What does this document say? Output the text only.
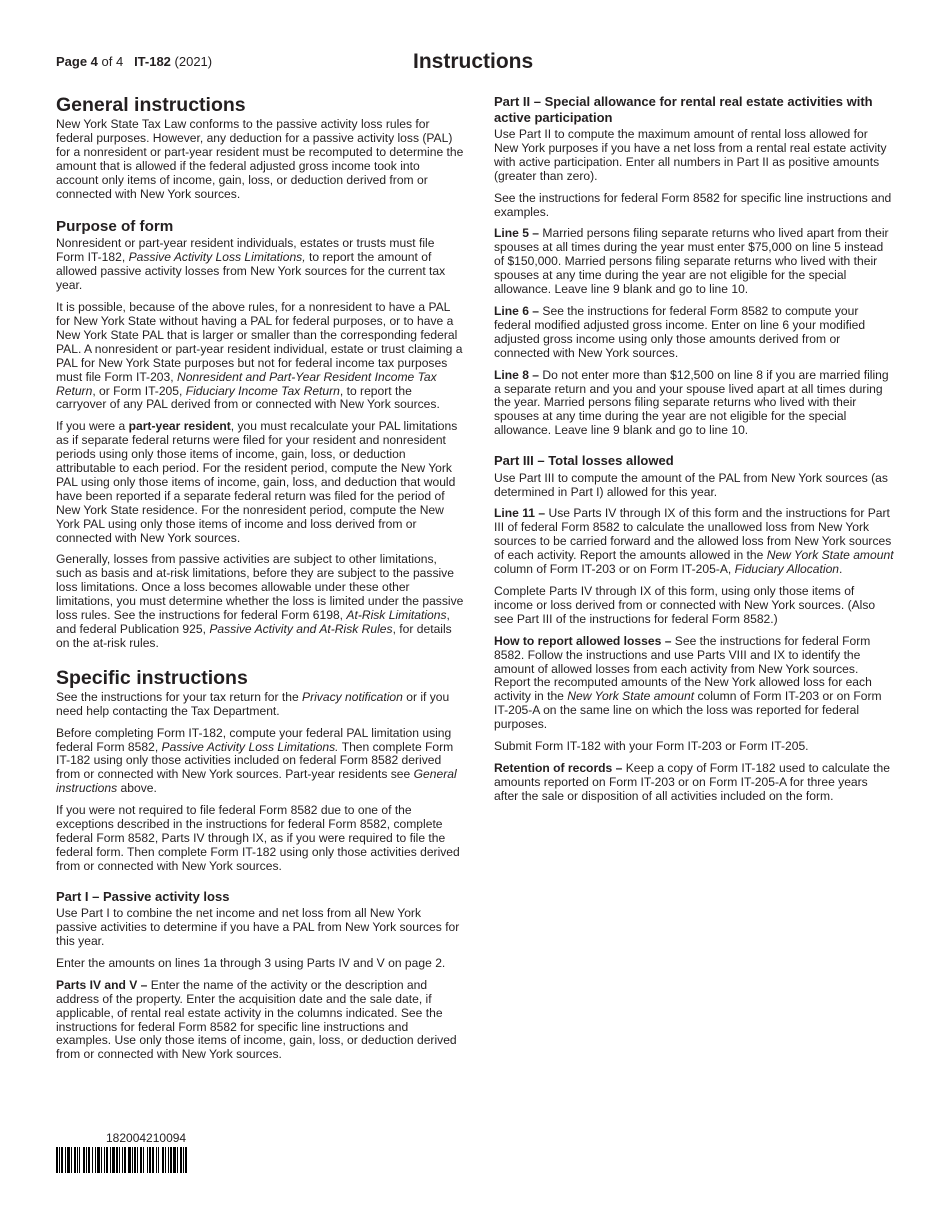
Page 4 of 4 IT-182 (2021)	Instructions
General instructions

New York State Tax Law conforms to the passive activity loss rules for federal purposes. However, any deduction for a passive activity loss (PAL) for a nonresident or part-year resident must be recomputed to determine the amount that is allowed if the federal adjusted gross income took into account only items of income, gain, loss, or deduction derived from or connected with New York sources.

Purpose of form

Nonresident or part-year resident individuals, estates or trusts must file Form IT-182, Passive Activity Loss Limitations, to report the amount of allowed passive activity losses from New York sources for the current tax year.

It is possible, because of the above rules, for a nonresident to have a PAL for New York State without having a PAL for federal purposes, or to have a New York State PAL that is larger or smaller than the corresponding federal PAL. A nonresident or part-year resident individual, estate or trust claiming a PAL for New York State purposes but not for federal income tax purposes must file Form IT-203, Nonresident and Part-Year Resident Income Tax Return, or Form IT-205, Fiduciary Income Tax Return, to report the carryover of any PAL derived from or connected with New York sources.

If you were a part-year resident, you must recalculate your PAL limitations as if separate federal returns were filed for your resident and nonresident periods using only those items of income, gain, loss, or deduction attributable to each period. For the resident period, compute the New York PAL using only those items of income, gain, loss, and deduction that would have been reported if a separate federal return was filed for the period of New York State residence. For the nonresident period, compute the New York PAL using only those items of income and loss derived from or connected with New York sources.

Generally, losses from passive activities are subject to other limitations, such as basis and at-risk limitations, before they are subject to the passive loss limitations. Once a loss becomes allowable under these other limitations, you must determine whether the loss is limited under the passive loss rules. See the instructions for federal Form 6198, At-Risk Limitations, and federal Publication 925, Passive Activity and At-Risk Rules, for details on the at-risk rules.

Specific instructions

See the instructions for your tax return for the Privacy notification or if you need help contacting the Tax Department.

Before completing Form IT-182, compute your federal PAL limitation using federal Form 8582, Passive Activity Loss Limitations. Then complete Form IT-182 using only those activities included on federal Form 8582 derived from or connected with New York sources. Part-year residents see General instructions above.

If you were not required to file federal Form 8582 due to one of the exceptions described in the instructions for federal Form 8582, complete federal Form 8582, Parts IV through IX, as if you were required to file the federal form. Then complete Form IT-182 using only those activities derived from or connected with New York sources.

Part I – Passive activity loss

Use Part I to combine the net income and net loss from all New York passive activities to determine if you have a PAL from New York sources for this year.

Enter the amounts on lines 1a through 3 using Parts IV and V on page 2.

Parts IV and V – Enter the name of the activity or the description and address of the property. Enter the acquisition date and the sale date, if applicable, of rental real estate activity in the columns indicated. See the instructions for federal Form 8582 for specific line instructions and examples. Use only those items of income, gain, loss, or deduction derived from or connected with New York sources.

Part II – Special allowance for rental real estate activities with active participation

Use Part II to compute the maximum amount of rental loss allowed for New York purposes if you have a net loss from a rental real estate activity with active participation. Enter all numbers in Part II as positive amounts (greater than zero).

See the instructions for federal Form 8582 for specific line instructions and examples.

Line 5 – Married persons filing separate returns who lived apart from their spouses at all times during the year must enter $75,000 on line 5 instead of $150,000. Married persons filing separate returns who lived with their spouses at any time during the year are not eligible for the special allowance. Leave line 9 blank and go to line 10.

Line 6 – See the instructions for federal Form 8582 to compute your federal modified adjusted gross income. Enter on line 6 your modified adjusted gross income using only those amounts derived from or connected with New York sources.

Line 8 – Do not enter more than $12,500 on line 8 if you are married filing a separate return and you and your spouse lived apart at all times during the year. Married persons filing separate returns who lived with their spouses at any time during the year are not eligible for the special allowance. Leave line 9 blank and go to line 10.

Part III – Total losses allowed

Use Part III to compute the amount of the PAL from New York sources (as determined in Part I) allowed for this year.

Line 11 – Use Parts IV through IX of this form and the instructions for Part III of federal Form 8582 to calculate the unallowed loss from New York sources to be carried forward and the allowed loss from New York sources of each activity. Report the amounts allowed in the New York State amount column of Form IT-203 or on Form IT-205-A, Fiduciary Allocation.

Complete Parts IV through IX of this form, using only those items of income or loss derived from or connected with New York sources. (Also see Part III of the instructions for federal Form 8582.)

How to report allowed losses – See the instructions for federal Form 8582. Follow the instructions and use Parts VIII and IX to identify the amount of allowed losses from each activity from New York sources. Report the recomputed amounts of the New York allowed loss for each activity in the New York State amount column of Form IT-203 or on Form IT-205-A on the same line on which the loss was reported for federal purposes.

Submit Form IT-182 with your Form IT-203 or Form IT-205.

Retention of records – Keep a copy of Form IT-182 used to calculate the amounts reported on Form IT-203 or on Form IT-205-A for three years after the sale or disposition of all activities included on the form.

182004210094
